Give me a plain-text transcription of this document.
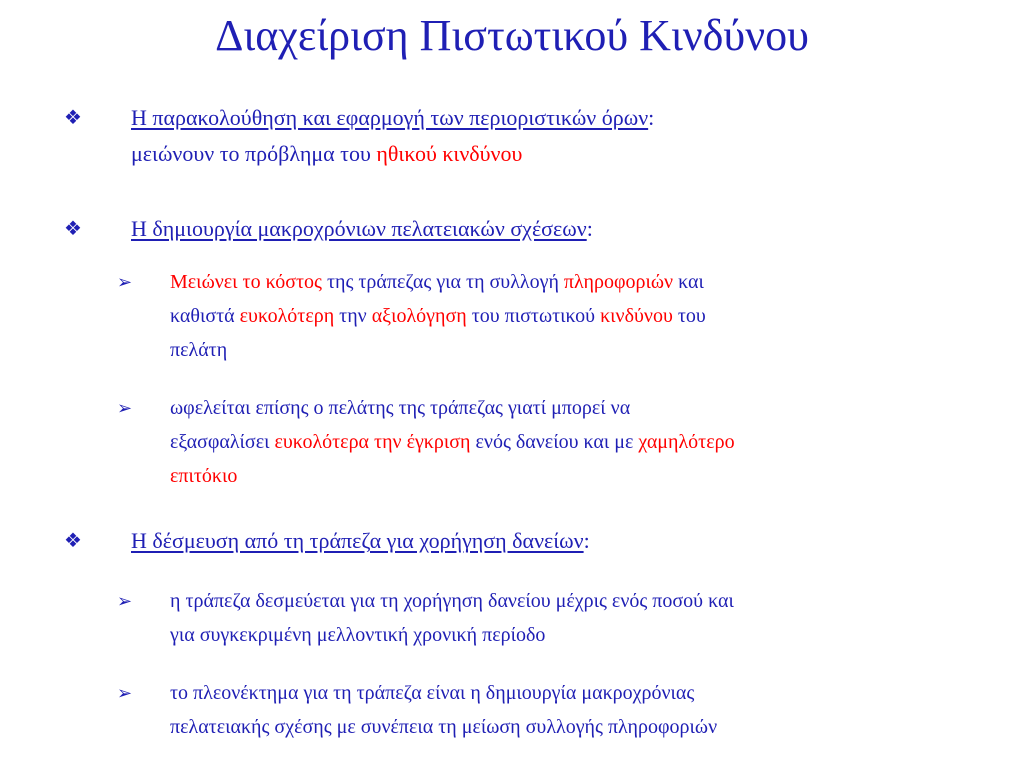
Διαχείριση Πιστωτικού Κινδύνου
❖ Η παρακολούθηση και εφαρμογή των περιοριστικών όρων:
μειώνουν το πρόβλημα του ηθικού κινδύνου
❖ Η δημιουργία μακροχρόνιων πελατειακών σχέσεων:
➢ Μειώνει το κόστος της τράπεζας για τη συλλογή πληροφοριών και
καθιστά ευκολότερη την αξιολόγηση του πιστωτικού κινδύνου του
πελάτη
➢ ωφελείται επίσης ο πελάτης της τράπεζας γιατί μπορεί να
εξασφαλίσει ευκολότερα την έγκριση ενός δανείου και με χαμηλότερο
επιτόκιο
❖ Η δέσμευση από τη τράπεζα για χορήγηση δανείων:
➢ η τράπεζα δεσμεύεται για τη χορήγηση δανείου μέχρις ενός ποσού και
για συγκεκριμένη μελλοντική χρονική περίοδο
➢ το πλεονέκτημα για τη τράπεζα είναι η δημιουργία μακροχρόνιας
πελατειακής σχέσης με συνέπεια τη μείωση συλλογής πληροφοριών
